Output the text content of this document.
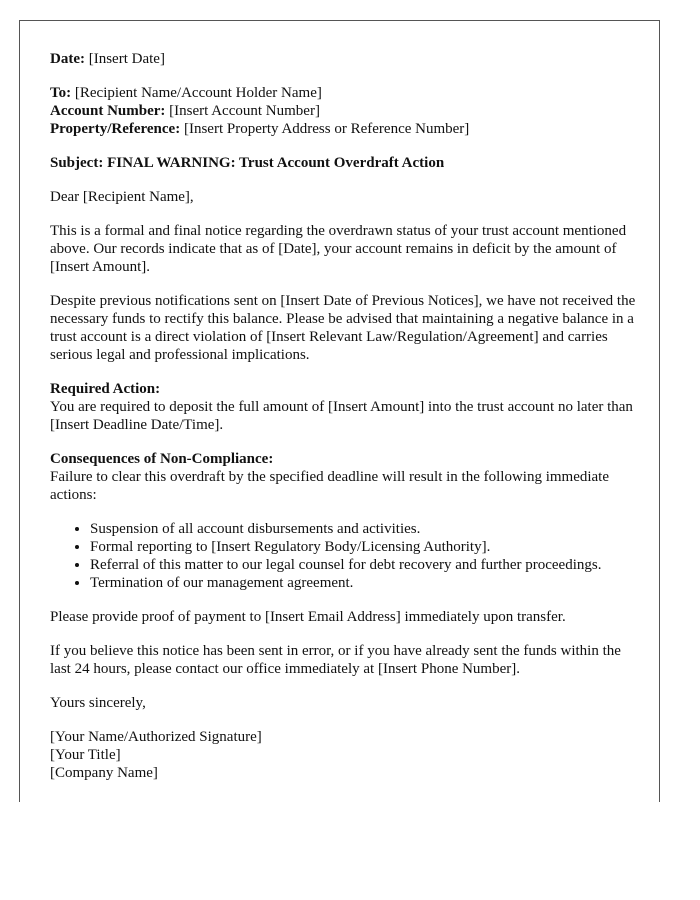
Date: [Insert Date]

To: [Recipient Name/Account Holder Name]

Account Number: [Insert Account Number]

Property/Reference: [Insert Property Address or Reference Number]

Subject: FINAL WARNING: Trust Account Overdraft Action

Dear [Recipient Name],

This is a formal and final notice regarding the overdrawn status of your trust account mentioned above. Our records indicate that as of [Date], your account remains in deficit by the amount of [Insert Amount].

Despite previous notifications sent on [Insert Date of Previous Notices], we have not received the necessary funds to rectify this balance. Please be advised that maintaining a negative balance in a trust account is a direct violation of [Insert Relevant Law/Regulation/Agreement] and carries serious legal and professional implications.

Required Action:

You are required to deposit the full amount of [Insert Amount] into the trust account no later than [Insert Deadline Date/Time].

Consequences of Non-Compliance:

Failure to clear this overdraft by the specified deadline will result in the following immediate actions:

• Suspension of all account disbursements and activities.
• Formal reporting to [Insert Regulatory Body/Licensing Authority].
• Referral of this matter to our legal counsel for debt recovery and further proceedings.
• Termination of our management agreement.

Please provide proof of payment to [Insert Email Address] immediately upon transfer.

If you believe this notice has been sent in error, or if you have already sent the funds within the last 24 hours, please contact our office immediately at [Insert Phone Number].

Yours sincerely,

[Your Name/Authorized Signature]
[Your Title]
[Company Name]
